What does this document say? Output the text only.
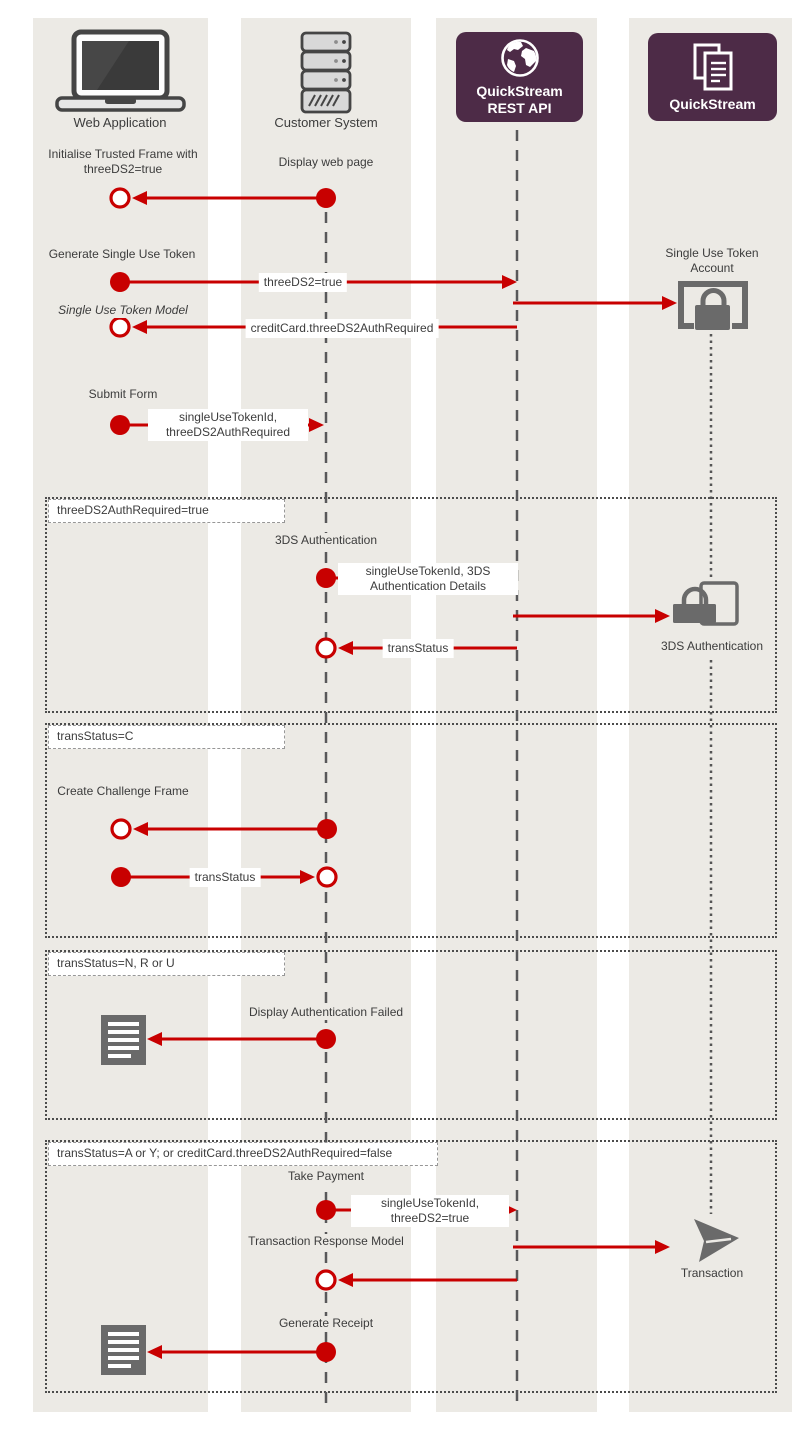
Web Application	Customer System
QuickStream REST API	QuickStream
Initialise Trusted Frame with threeDS2=true	Display web page
Generate Single Use Token
threeDS2=true
Single Use Token Account
Single Use Token Model
creditCard.threeDS2AuthRequired
Submit Form
singleUseTokenId, threeDS2AuthRequired
threeDS2AuthRequired=true
3DS Authentication
singleUseTokenId, 3DS Authentication Details
3DS Authentication
transStatus
transStatus=C
Create Challenge Frame
transStatus
transStatus=N, R or U
Display Authentication Failed
transStatus=A or Y; or creditCard.threeDS2AuthRequired=false
Take Payment
singleUseTokenId, threeDS2=true
Transaction Response Model
Transaction
Generate Receipt
